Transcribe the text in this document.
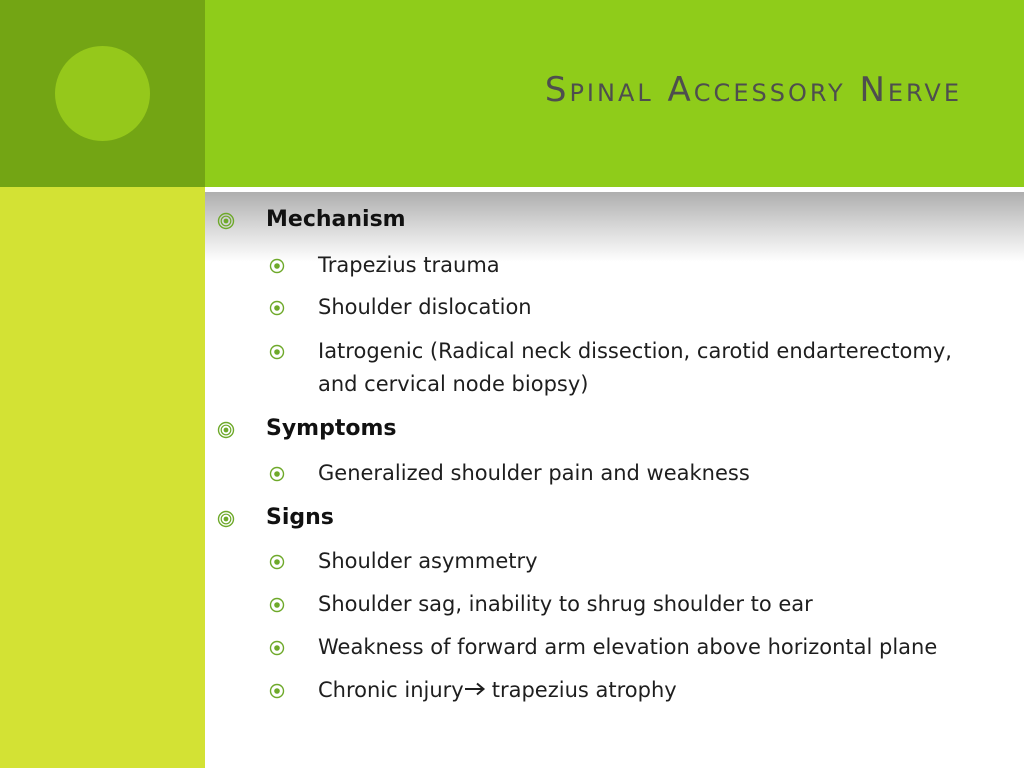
Spinal Accessory Nerve
Mechanism
Trapezius trauma
Shoulder dislocation
Iatrogenic (Radical neck dissection, carotid endarterectomy,
and cervical node biopsy)
Symptoms
Generalized shoulder pain and weakness
Signs
Shoulder asymmetry
Shoulder sag, inability to shrug shoulder to ear
Weakness of forward arm elevation above horizontal plane
Chronic injury trapezius atrophy
